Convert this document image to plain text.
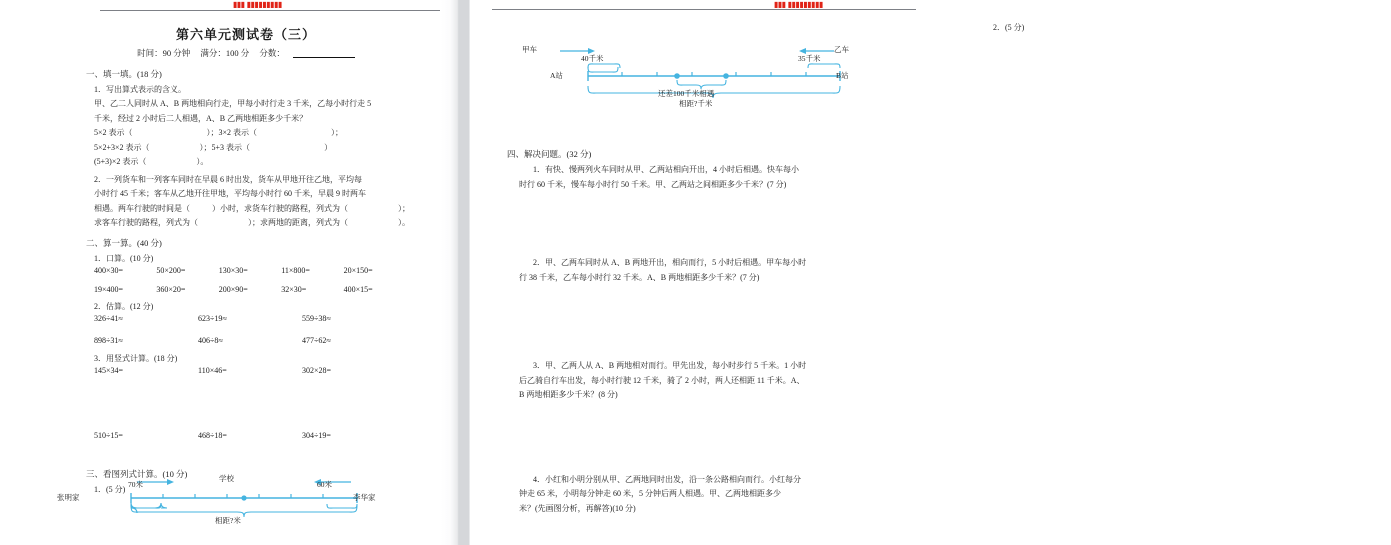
▮▮▮ ▮▮▮▮▮▮▮▮▮
第六单元测试卷（三）
时间：90 分钟 满分：100 分 分数：
一、填一填。(18 分)
1．写出算式表示的含义。

甲、乙二人同时从 A、B 两地相向行走，甲每小时行走 3 千米，乙每小时行走 5

千米，经过 2 小时后二人相遇，A、B 乙两地相距多少千米？

5×2 表示（	）；3×2 表示（	）；
5×2+3×2 表示（	）；5+3 表示（	）
(5+3)×2 表示（	）。

2．一列货车和一列客车同时在早晨 6 时出发，货车从甲地开往乙地，平均每

小时行 45 千米；客车从乙地开往甲地，平均每小时行 60 千米，早晨 9 时两车

相遇。两车行驶的时间是（	）小时，求货车行驶的路程，列式为（	）；
求客车行驶的路程，列式为（	）；求两地的距离，列式为（	）。
二、算一算。(40 分)
1．口算。(10 分)
400×30=	50×200=	130×30=	11×800=	20×150=
19×400=	360×20=	200×90=	32×30=	400×15=
2．估算。(12 分)
326÷41≈	623÷19≈	559÷38≈
898÷31≈	406÷8≈	477÷62≈
3．用竖式计算。(18 分)
145×34=	110×46=	302×28=
510÷15=	468÷18=	304÷19=
三、看图列式计算。(10 分)
1．(5 分)
张明家	李华家
学校
70米	60米
相距?米
▮▮▮ ▮▮▮▮▮▮▮▮▮
2．(5 分)
甲车	乙车
A站	B站
40千米	35千米
还差100千米相遇
相距?千米
四、解决问题。(32 分)

1．有快、慢两列火车同时从甲、乙两站相向开出，4 小时后相遇。快车每小

时行 60 千米，慢车每小时行 50 千米。甲、乙两站之间相距多少千米？(7 分)

2．甲、乙两车同时从 A、B 两地开出，相向而行，5 小时后相遇。甲车每小时

行 38 千米，乙车每小时行 32 千米。A、B 两地相距多少千米？(7 分)

3．甲、乙两人从 A、B 两地相对而行。甲先出发，每小时步行 5 千米。1 小时

后乙骑自行车出发，每小时行驶 12 千米，骑了 2 小时，两人还相距 11 千米。A、

B 两地相距多少千米？(8 分)

4．小红和小明分别从甲、乙两地同时出发，沿一条公路相向而行。小红每分

钟走 65 米，小明每分钟走 60 米，5 分钟后两人相遇。甲、乙两地相距多少

米？(先画图分析，再解答)(10 分)
